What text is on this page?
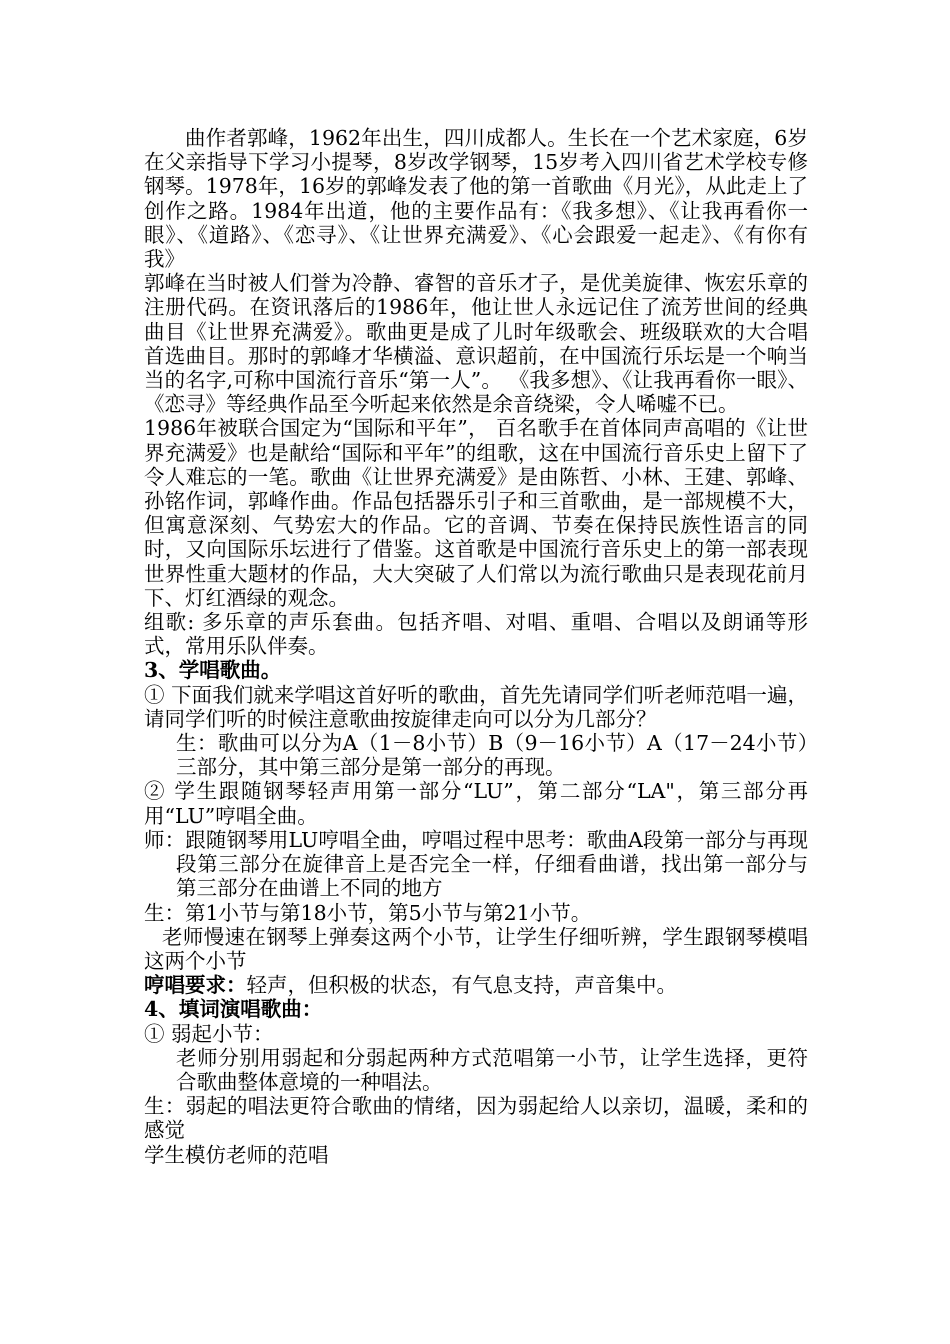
曲作者郭峰，1962年出生，四川成都人。生长在一个艺术家庭，6岁在父亲指导下学习小提琴，8岁改学钢琴，15岁考入四川省艺术学校专修钢琴。1978年，16岁的郭峰发表了他的第一首歌曲《月光》，从此走上了创作之路。1984年出道，他的主要作品有：《我多想》、《让我再看你一眼》、《道路》、《恋寻》、《让世界充满爱》、《心会跟爱一起走》、《有你有我》

郭峰在当时被人们誉为冷静、睿智的音乐才子，是优美旋律、恢宏乐章的注册代码。在资讯落后的1986年，他让世人永远记住了流芳世间的经典曲目《让世界充满爱》。歌曲更是成了儿时年级歌会、班级联欢的大合唱首选曲目。那时的郭峰才华横溢、意识超前，在中国流行乐坛是一个响当当的名字,可称中国流行音乐“第一人”。 《我多想》、《让我再看你一眼》、《恋寻》等经典作品至今听起来依然是余音绕梁，令人唏嘘不已。

1986年被联合国定为“国际和平年”， 百名歌手在首体同声高唱的《让世界充满爱》也是献给“国际和平年”的组歌，这在中国流行音乐史上留下了令人难忘的一笔。歌曲《让世界充满爱》是由陈哲、小林、王建、郭峰、孙铭作词，郭峰作曲。作品包括器乐引子和三首歌曲，是一部规模不大，但寓意深刻、气势宏大的作品。它的音调、节奏在保持民族性语言的同时，又向国际乐坛进行了借鉴。这首歌是中国流行音乐史上的第一部表现世界性重大题材的作品，大大突破了人们常以为流行歌曲只是表现花前月下、灯红酒绿的观念。

组歌: 多乐章的声乐套曲。包括齐唱、对唱、重唱、合唱以及朗诵等形式，常用乐队伴奏。

3、学唱歌曲。

① 下面我们就来学唱这首好听的歌曲，首先先请同学们听老师范唱一遍，请同学们听的时候注意歌曲按旋律走向可以分为几部分？

生：歌曲可以分为A（1－8小节）B（9－16小节）A（17－24小节）三部分，其中第三部分是第一部分的再现。

② 学生跟随钢琴轻声用第一部分“LU”，第二部分“LA"，第三部分再用“LU”哼唱全曲。

师：跟随钢琴用LU哼唱全曲，哼唱过程中思考：歌曲A段第一部分与再现段第三部分在旋律音上是否完全一样，仔细看曲谱，找出第一部分与第三部分在曲谱上不同的地方

生：第1小节与第18小节，第5小节与第21小节。

老师慢速在钢琴上弹奏这两个小节，让学生仔细听辨，学生跟钢琴模唱这两个小节

哼唱要求：轻声，但积极的状态，有气息支持，声音集中。

4、填词演唱歌曲：

① 弱起小节：

老师分别用弱起和分弱起两种方式范唱第一小节，让学生选择，更符合歌曲整体意境的一种唱法。

生：弱起的唱法更符合歌曲的情绪，因为弱起给人以亲切，温暖，柔和的感觉

学生模仿老师的范唱
